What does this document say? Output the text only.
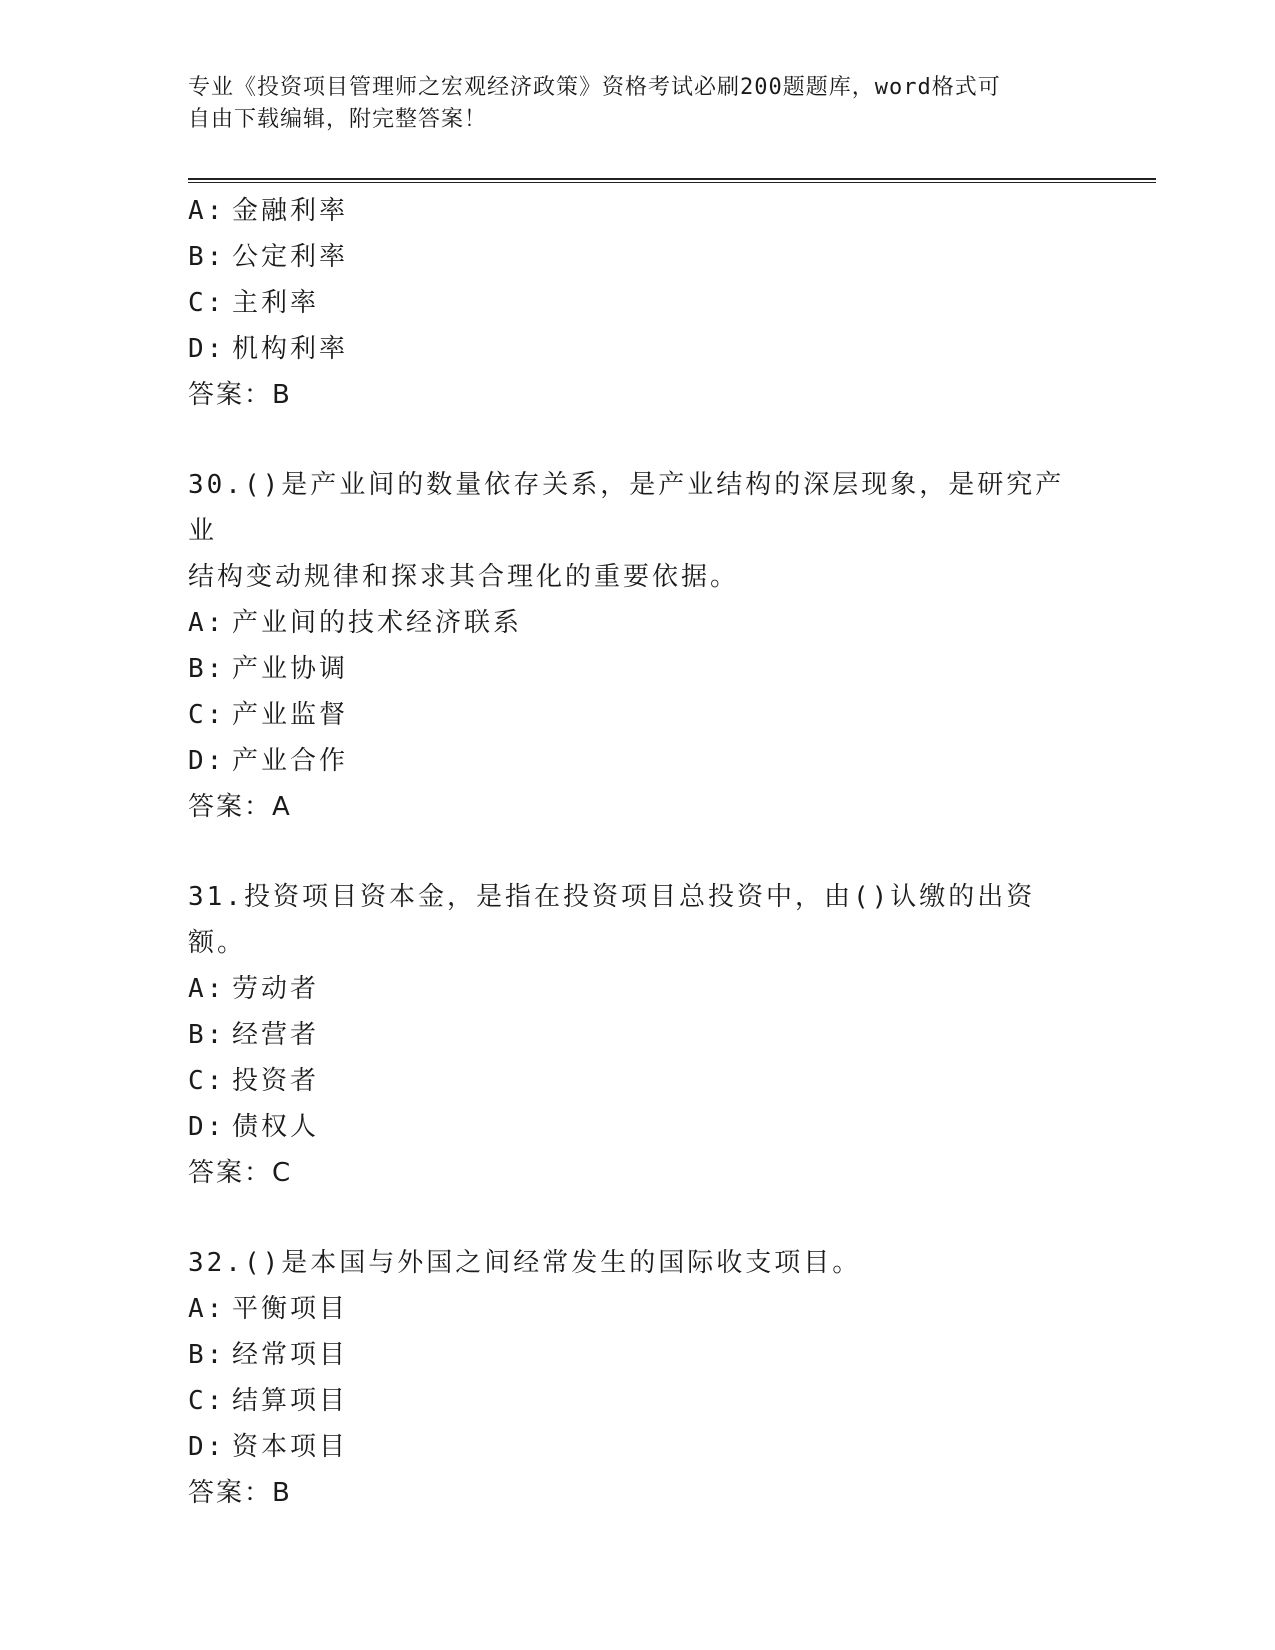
专业《投资项目管理师之宏观经济政策》资格考试必刷200题题库，word格式可
自由下载编辑，附完整答案！
A: 金融利率
B: 公定利率
C: 主利率
D: 机构利率
答案：B
30.()是产业间的数量依存关系，是产业结构的深层现象，是研究产业
结构变动规律和探求其合理化的重要依据。
A: 产业间的技术经济联系
B: 产业协调
C: 产业监督
D: 产业合作
答案：A
31.投资项目资本金，是指在投资项目总投资中，由()认缴的出资额。
A: 劳动者
B: 经营者
C: 投资者
D: 债权人
答案：C
32.()是本国与外国之间经常发生的国际收支项目。
A: 平衡项目
B: 经常项目
C: 结算项目
D: 资本项目
答案：B
